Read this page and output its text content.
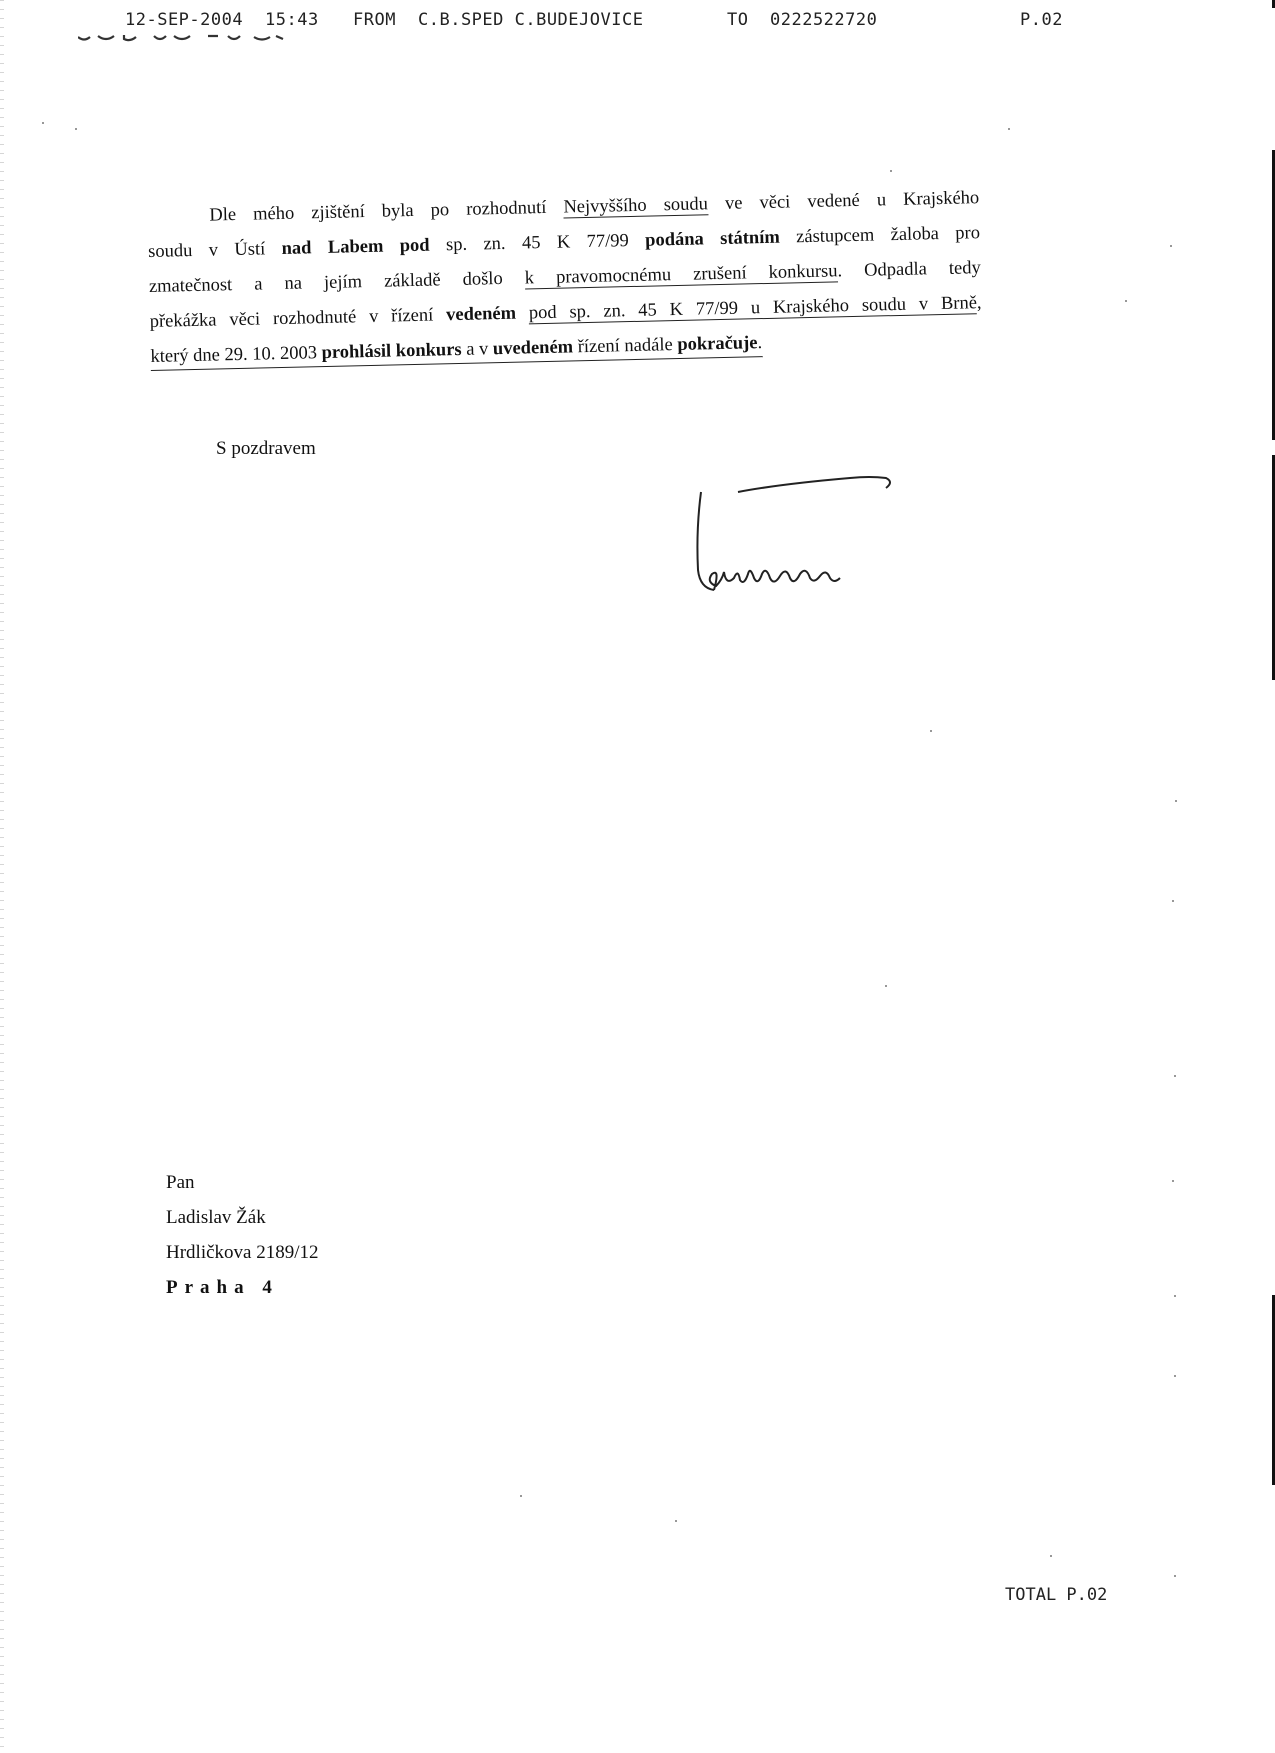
12-SEP-2004 15:43 FROM C.B.SPED C.BUDEJOVICE	TO 0222522720	P.02
Dle mého zjištění byla po rozhodnutí Nejvyššího soudu ve věci vedené u Krajského
soudu v Ústí nad Labem pod sp. zn. 45 K 77/99 podána státním zástupcem žaloba pro
zmatečnost a na jejím základě došlo k pravomocnému zrušení konkursu. Odpadla tedy
překážka věci rozhodnuté v řízení vedeném pod sp. zn. 45 K 77/99 u Krajského soudu v Brně,
který dne 29. 10. 2003 prohlásil konkurs a v uvedeném řízení nadále pokračuje.
S pozdravem
Pan
Ladislav Žák
Hrdličkova 2189/12
Praha 4
TOTAL P.02
